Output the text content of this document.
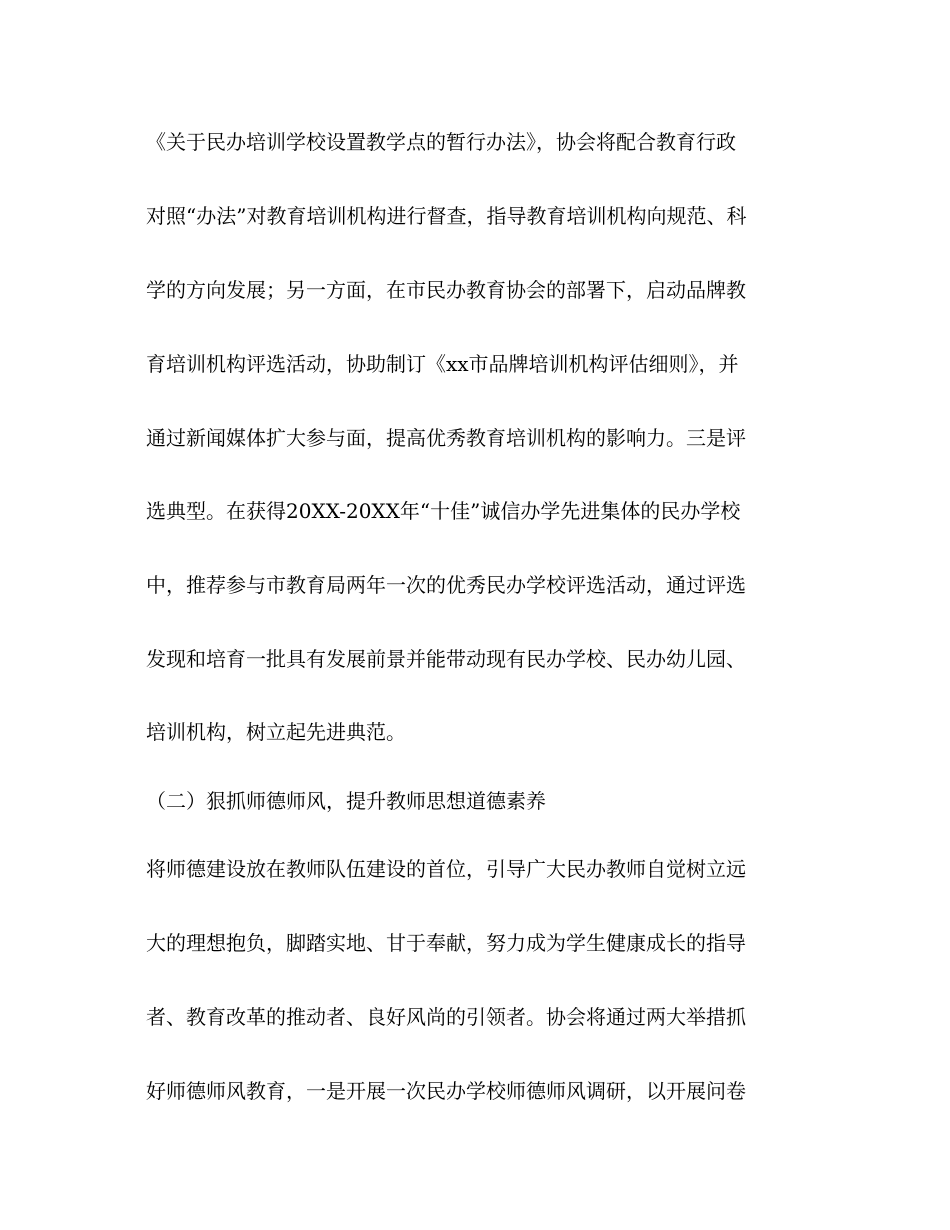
《关于民办培训学校设置教学点的暂行办法》，协会将配合教育行政
对照“办法”对教育培训机构进行督查，指导教育培训机构向规范、科
学的方向发展；另一方面，在市民办教育协会的部署下，启动品牌教
育培训机构评选活动，协助制订《xx市品牌培训机构评估细则》，并
通过新闻媒体扩大参与面，提高优秀教育培训机构的影响力。三是评
选典型。在获得20XX-20XX年“十佳”诚信办学先进集体的民办学校
中，推荐参与市教育局两年一次的优秀民办学校评选活动，通过评选
发现和培育一批具有发展前景并能带动现有民办学校、民办幼儿园、
培训机构，树立起先进典范。
（二）狠抓师德师风，提升教师思想道德素养
将师德建设放在教师队伍建设的首位，引导广大民办教师自觉树立远
大的理想抱负，脚踏实地、甘于奉献，努力成为学生健康成长的指导
者、教育改革的推动者、良好风尚的引领者。协会将通过两大举措抓
好师德师风教育，一是开展一次民办学校师德师风调研，以开展问卷
